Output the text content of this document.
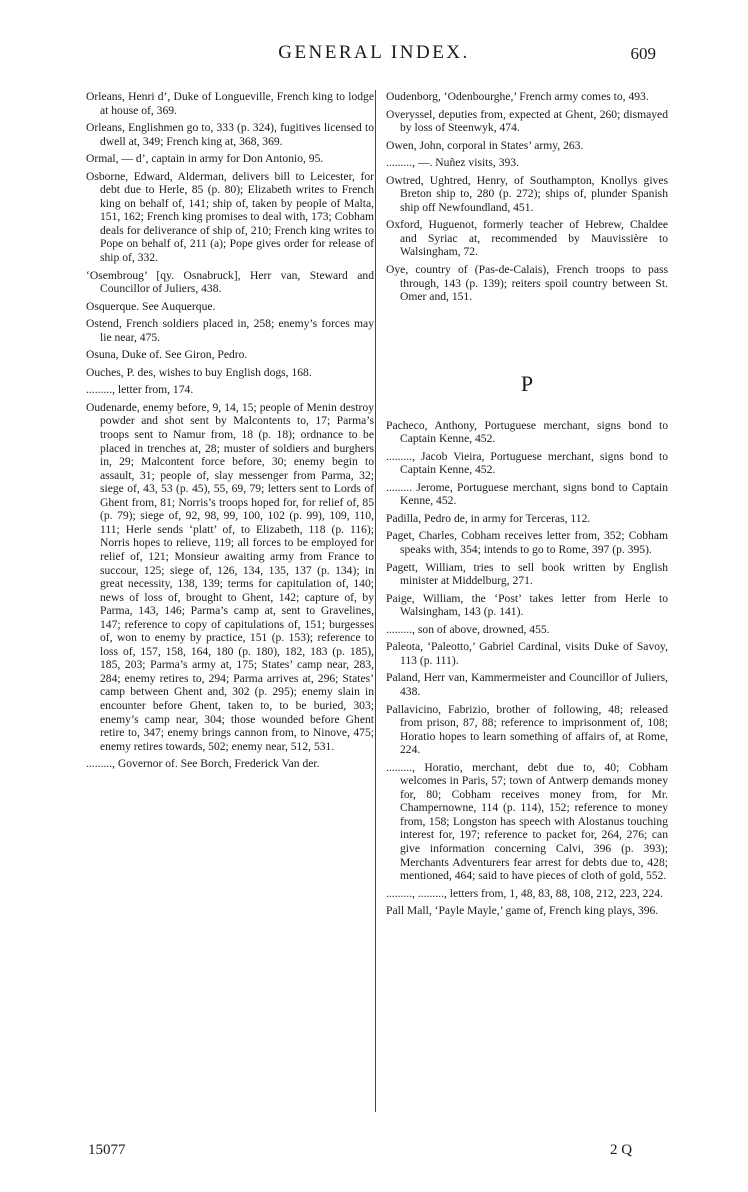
GENERAL INDEX.	609

Orleans, Henri d’, Duke of Longueville, French king to lodge at house of, 369.

Orleans, Englishmen go to, 333 (p. 324), fugitives licensed to dwell at, 349; French king at, 368, 369.

Ormal, — d’, captain in army for Don Antonio, 95.

Osborne, Edward, Alderman, delivers bill to Leicester, for debt due to Herle, 85 (p. 80); Elizabeth writes to French king on behalf of, 141; ship of, taken by people of Malta, 151, 162; French king promises to deal with, 173; Cobham deals for deliverance of ship of, 210; French king writes to Pope on behalf of, 211 (a); Pope gives order for release of ship of, 332.

‘Osembroug’ [qy. Osnabruck], Herr van, Steward and Councillor of Juliers, 438.

Osquerque. See Auquerque.

Ostend, French soldiers placed in, 258; enemy’s forces may lie near, 475.

Osuna, Duke of. See Giron, Pedro.

Ouches, P. des, wishes to buy English dogs, 168.

........., letter from, 174.

Oudenarde, enemy before, 9, 14, 15; people of Menin destroy powder and shot sent by Malcontents to, 17; Parma’s troops sent to Namur from, 18 (p. 18); ordnance to be placed in trenches at, 28; muster of soldiers and burghers in, 29; Malcontent force before, 30; enemy begin to assault, 31; people of, slay messenger from Parma, 32; siege of, 43, 53 (p. 45), 55, 69, 79; letters sent to Lords of Ghent from, 81; Norris’s troops hoped for, for relief of, 85 (p. 79); siege of, 92, 98, 99, 100, 102 (p. 99), 109, 110, 111; Herle sends ‘platt’ of, to Elizabeth, 118 (p. 116); Norris hopes to relieve, 119; all forces to be employed for relief of, 121; Monsieur awaiting army from France to succour, 125; siege of, 126, 134, 135, 137 (p. 134); in great necessity, 138, 139; terms for capitulation of, 140; news of loss of, brought to Ghent, 142; capture of, by Parma, 143, 146; Parma’s camp at, sent to Gravelines, 147; reference to copy of capitulations of, 151; burgesses of, won to enemy by practice, 151 (p. 153); reference to loss of, 157, 158, 164, 180 (p. 180), 182, 183 (p. 185), 185, 203; Parma’s army at, 175; States’ camp near, 283, 284; enemy retires to, 294; Parma arrives at, 296; States’ camp between Ghent and, 302 (p. 295); enemy slain in encounter before Ghent, taken to, to be buried, 303; enemy’s camp near, 304; those wounded before Ghent retire to, 347; enemy brings cannon from, to Ninove, 475; enemy retires towards, 502; enemy near, 512, 531.

........., Governor of. See Borch, Frederick Van der.

Oudenborg, ‘Odenbourghe,’ French army comes to, 493.

Overyssel, deputies from, expected at Ghent, 260; dismayed by loss of Steenwyk, 474.

Owen, John, corporal in States’ army, 263.

........., —. Nuñez visits, 393.

Owtred, Ughtred, Henry, of Southampton, Knollys gives Breton ship to, 280 (p. 272); ships of, plunder Spanish ship off Newfoundland, 451.

Oxford, Huguenot, formerly teacher of Hebrew, Chaldee and Syriac at, recommended by Mauvissière to Walsingham, 72.

Oye, country of (Pas-de-Calais), French troops to pass through, 143 (p. 139); reiters spoil country between St. Omer and, 151.

P

Pacheco, Anthony, Portuguese merchant, signs bond to Captain Kenne, 452.

........., Jacob Vieira, Portuguese merchant, signs bond to Captain Kenne, 452.

......... Jerome, Portuguese merchant, signs bond to Captain Kenne, 452.

Padilla, Pedro de, in army for Terceras, 112.

Paget, Charles, Cobham receives letter from, 352; Cobham speaks with, 354; intends to go to Rome, 397 (p. 395).

Pagett, William, tries to sell book written by English minister at Middelburg, 271.

Paige, William, the ‘Post’ takes letter from Herle to Walsingham, 143 (p. 141).

........., son of above, drowned, 455.

Paleota, ‘Paleotto,’ Gabriel Cardinal, visits Duke of Savoy, 113 (p. 111).

Paland, Herr van, Kammermeister and Councillor of Juliers, 438.

Pallavicino, Fabrizio, brother of following, 48; released from prison, 87, 88; reference to imprisonment of, 108; Horatio hopes to learn something of affairs of, at Rome, 224.

........., Horatio, merchant, debt due to, 40; Cobham welcomes in Paris, 57; town of Antwerp demands money for, 80; Cobham receives money from, for Mr. Champernowne, 114 (p. 114), 152; reference to money from, 158; Longston has speech with Alostanus touching interest for, 197; reference to packet for, 264, 276; can give information concerning Calvi, 396 (p. 393); Merchants Adventurers fear arrest for debts due to, 428; mentioned, 464; said to have pieces of cloth of gold, 552.

........., ........., letters from, 1, 48, 83, 88, 108, 212, 223, 224.

Pall Mall, ‘Payle Mayle,’ game of, French king plays, 396.

15077	2 Q
